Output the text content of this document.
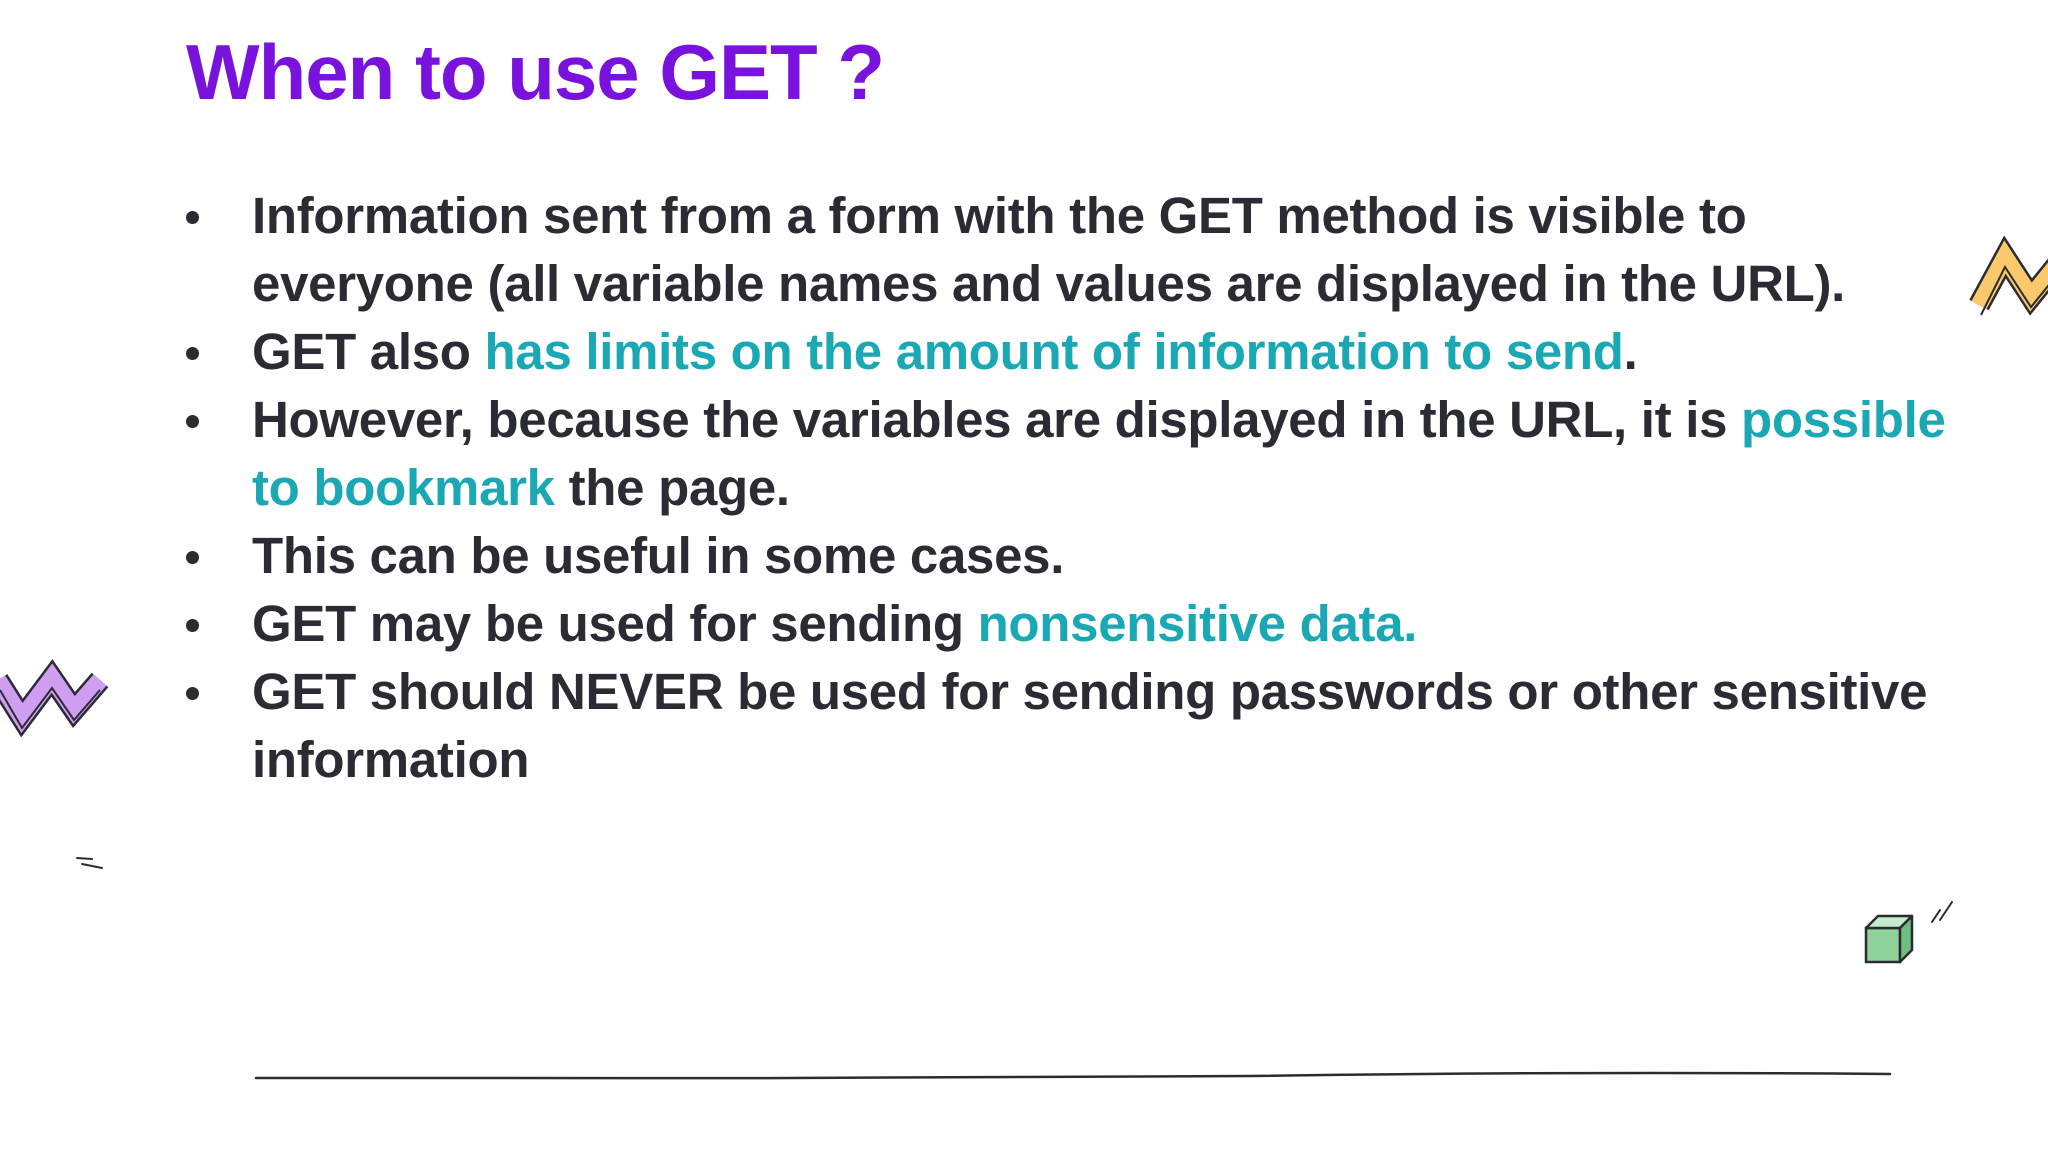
When to use GET ?
Information sent from a form with the GET method is visible to everyone (all variable names and values are displayed in the URL).
GET also has limits on the amount of information to send.
However, because the variables are displayed in the URL, it is possible to bookmark the page.
This can be useful in some cases.
GET may be used for sending nonsensitive data.
GET should NEVER be used for sending passwords or other sensitive information
